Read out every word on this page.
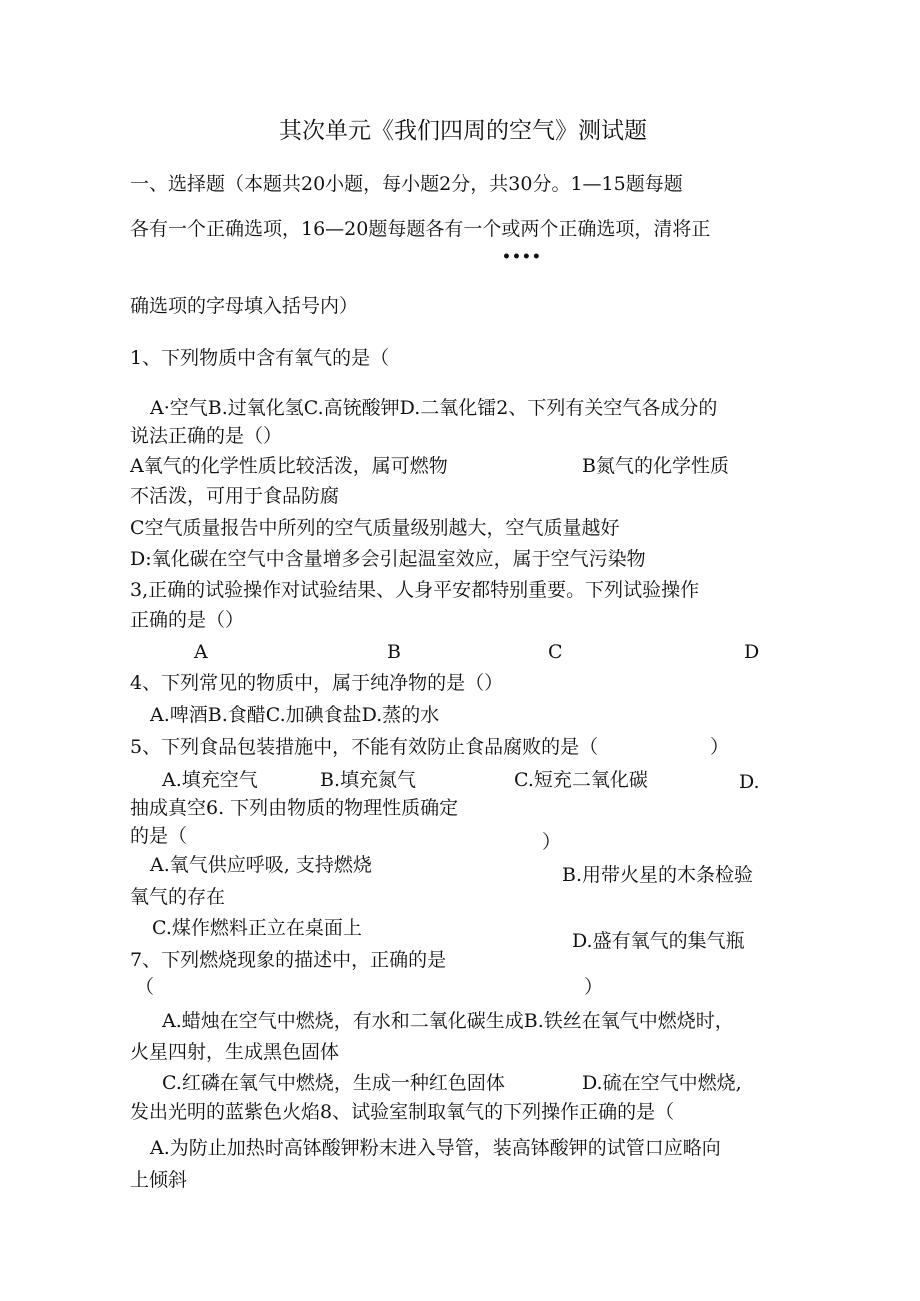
其次单元《我们四周的空气》测试题
一、选择题（本题共20小题，每小题2分，共30分。1—15题每题
各有一个正确选项，16—20题每题各有一个或两个正确选项，清将正
••••
确选项的字母填入括号内）
1、下列物质中含有氧气的是（
A·空气B.过氧化氢C.高铳酸钾D.二氧化镭2、下列有关空气各成分的
说法正确的是（）
A氧气的化学性质比较活泼，属可燃物	B氮气的化学性质
不活泼，可用于食品防腐
C空气质量报告中所列的空气质量级别越大，空气质量越好
D:氧化碳在空气中含量增多会引起温室效应，属于空气污染物
3,正确的试验操作对试验结果、人身平安都特别重要。下列试验操作
正确的是（）
A	B	C	D
4、下列常见的物质中，属于纯净物的是（）
A.啤酒B.食醋C.加碘食盐D.蒸的水
5、下列食品包装措施中，不能有效防止食品腐败的是（	）
A.填充空气	B.填充氮气	C.短充二氧化碳	D.
抽成真空6. 下列由物质的物理性质确定
的是（	）
A.氧气供应呼吸, 支持燃烧	B.用带火星的木条检验
氧气的存在
C.煤作燃料正立在桌面上
D.盛有氧气的集气瓶
7、下列燃烧现象的描述中，正确的是
（	）
A.蜡烛在空气中燃烧，有水和二氧化碳生成B.铁丝在氧气中燃烧时，
火星四射，生成黑色固体
C.红磷在氧气中燃烧，生成一种红色固体	D.硫在空气中燃烧,
发出光明的蓝紫色火焰8、试验室制取氧气的下列操作正确的是（
A.为防止加热时高钵酸钾粉末进入导管，装高钵酸钾的试管口应略向
上倾斜
